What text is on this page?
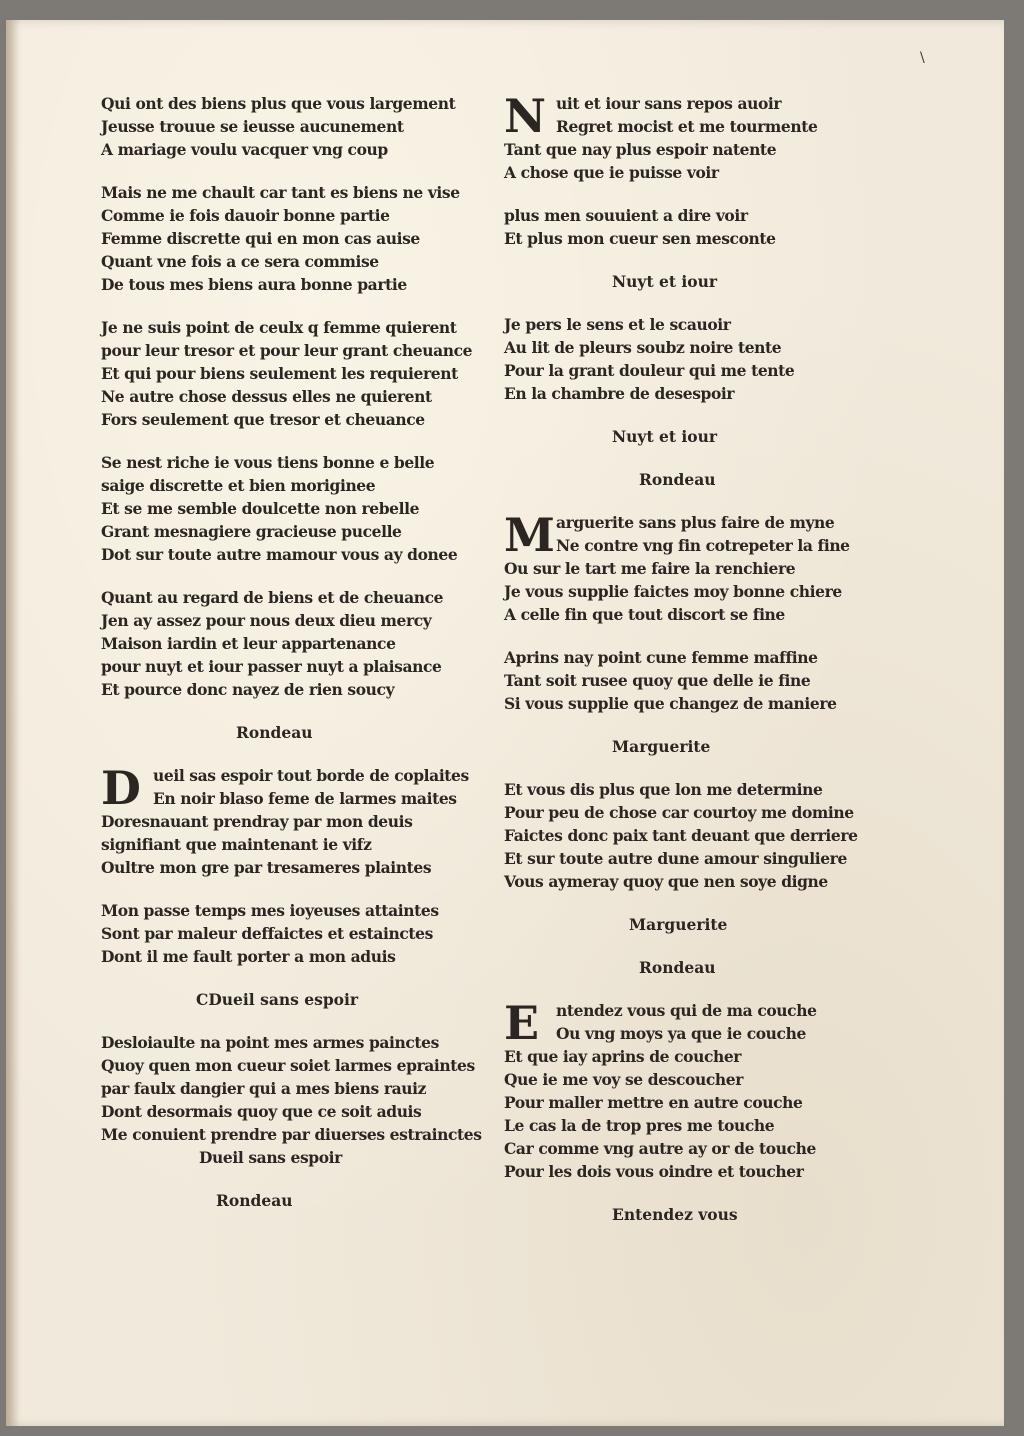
\
Qui ont des biens plus que vous largement
Jeusse trouue se ieusse aucunement
A mariage voulu vacquer vng coup
Mais ne me chault car tant es biens ne vise
Comme ie fois dauoir bonne partie
Femme discrette qui en mon cas auise
Quant vne fois a ce sera commise
De tous mes biens aura bonne partie
Je ne suis point de ceulx q femme quierent
pour leur tresor et pour leur grant cheuance
Et qui pour biens seulement les requierent
Ne autre chose dessus elles ne quierent
Fors seulement que tresor et cheuance
Se nest riche ie vous tiens bonne e belle
saige discrette et bien moriginee
Et se me semble doulcette non rebelle
Grant mesnagiere gracieuse pucelle
Dot sur toute autre mamour vous ay donee
Quant au regard de biens et de cheuance
Jen ay assez pour nous deux dieu mercy
Maison iardin et leur appartenance
pour nuyt et iour passer nuyt a plaisance
Et pource donc nayez de rien soucy
Rondeau
D ueil sas espoir tout borde de coplaites
En noir blaso feme de larmes maites
Doresnauant prendray par mon deuis
signifiant que maintenant ie vifz
Oultre mon gre par tresameres plaintes
Mon passe temps mes ioyeuses attaintes
Sont par maleur deffaictes et estainctes
Dont il me fault porter a mon aduis
CDueil sans espoir
Desloiaulte na point mes armes painctes
Quoy quen mon cueur soiet larmes epraintes
par faulx dangier qui a mes biens rauiz
Dont desormais quoy que ce soit aduis
Me conuient prendre par diuerses estrainctes
Dueil sans espoir
Rondeau
N uit et iour sans repos auoir
Regret mocist et me tourmente
Tant que nay plus espoir natente
A chose que ie puisse voir
plus men souuient a dire voir
Et plus mon cueur sen mesconte
Nuyt et iour
Je pers le sens et le scauoir
Au lit de pleurs soubz noire tente
Pour la grant douleur qui me tente
En la chambre de desespoir
Nuyt et iour
Rondeau
M arguerite sans plus faire de myne
Ne contre vng fin cotrepeter la fine
Ou sur le tart me faire la renchiere
Je vous supplie faictes moy bonne chiere
A celle fin que tout discort se fine
Aprins nay point cune femme maffine
Tant soit rusee quoy que delle ie fine
Si vous supplie que changez de maniere
Marguerite
Et vous dis plus que lon me determine
Pour peu de chose car courtoy me domine
Faictes donc paix tant deuant que derriere
Et sur toute autre dune amour singuliere
Vous aymeray quoy que nen soye digne
Marguerite
Rondeau
E	ntendez vous qui de ma couche
Ou vng moys ya que ie couche
Et que iay aprins de coucher
Que ie me voy se descoucher
Pour maller mettre en autre couche
Le cas la de trop pres me touche
Car comme vng autre ay or de touche
Pour les dois vous oindre et toucher
Entendez vous
